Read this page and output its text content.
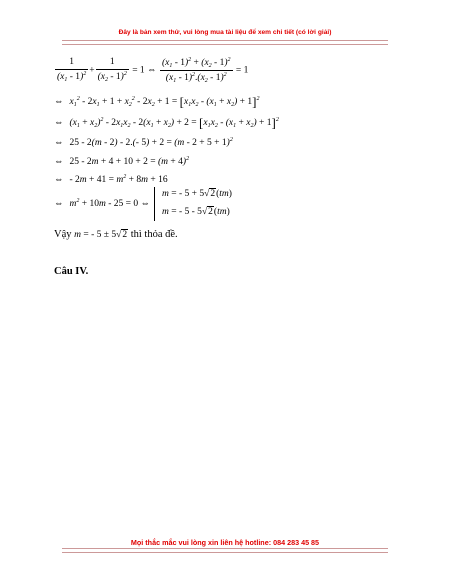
Đây là bản xem thử, vui lòng mua tài liệu để xem chi tiết (có lời giải)
$\frac{1}{(x_1 - 1)^2} + \frac{1}{(x_2 - 1)^2} = 1$ ⇔ $\frac{(x_1 - 1)^2 + (x_2 - 1)^2}{(x_1 - 1)^2.(x_2 - 1)^2} = 1$
⇔ $x_1^2 - 2x_1 + 1 + x_2^2 - 2x_2 + 1 = [x_1x_2 - (x_1 + x_2) + 1]^2$
⇔ $(x_1 + x_2)^2 - 2x_1x_2 - 2(x_1 + x_2) + 2 = [x_1x_2 - (x_1 + x_2) + 1]^2$
⇔ 25 - 2(m - 2) - 2.(- $5) + 2 = (m - 2 + 5 + 1)^2$
⇔ $25 - 2m + 4 + 10 + 2 = (m + 4)^2$
⇔ - $2m + 41 = m^2 + 8m + 16$
⇔ $m^2 + 10m - 25 = 0$ ⇔
m = - 5 + 5√2(tm)
m = - 5 - 5√2(tm)
Vậy m = - 5 ± 5√2 thì thỏa đề.
Câu IV.
Mọi thắc mắc vui lòng xin liên hệ hotline: 084 283 45 85
